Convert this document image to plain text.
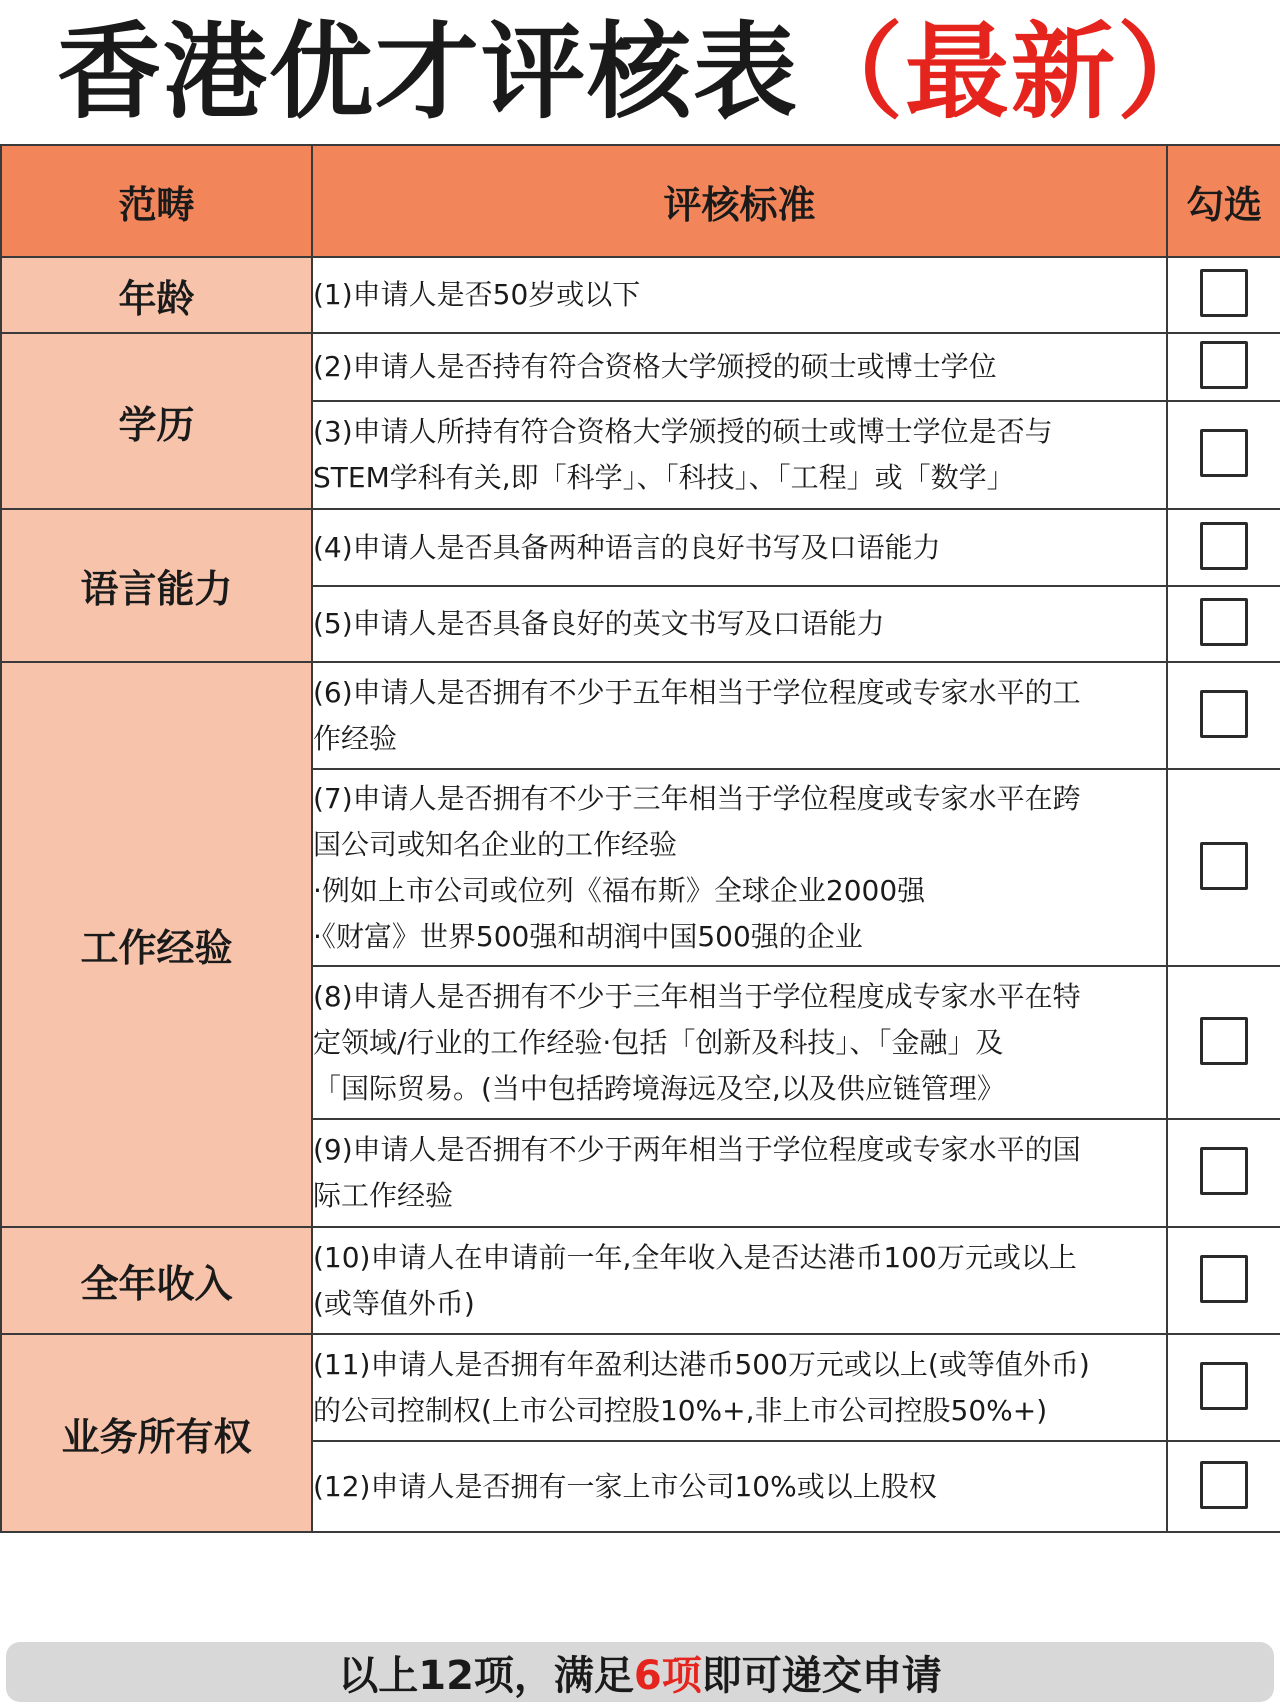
香港优才评核表 （最新）
范畴	评核标准	勾选
年龄	(1)申请人是否50岁或以下	

学历	(2)申请人是否持有符合资格大学颁授的硕士或博士学位	

	(3)申请人所持有符合资格大学颁授的硕士或博士学位是否与
STEM学科有关,即「科学」、「科技」、「工程」或「数学」	

语言能力	(4)申请人是否具备两种语言的良好书写及口语能力	

	(5)申请人是否具备良好的英文书写及口语能力	

工作经验	(6)申请人是否拥有不少于五年相当于学位程度或专家水平的工
作经验	

	(7)申请人是否拥有不少于三年相当于学位程度或专家水平在跨
国公司或知名企业的工作经验
·例如上市公司或位列《福布斯》全球企业2000强
·《财富》世界500强和胡润中国500强的企业	

	(8)申请人是否拥有不少于三年相当于学位程度成专家水平在特
定领域/行业的工作经验·包括「创新及科技」、「金融」及
「国际贸易。(当中包括跨境海远及空,以及供应链管理》	

	(9)申请人是否拥有不少于两年相当于学位程度或专家水平的国
际工作经验	

全年收入	(10)申请人在申请前一年,全年收入是否达港币100万元或以上
(或等值外币)	

业务所有权	(11)申请人是否拥有年盈利达港币500万元或以上(或等值外币)
的公司控制权(上市公司控股10%+,非上市公司控股50%+)	

	(12)申请人是否拥有一家上市公司10%或以上股权	

以上12项，满足 6项 即可递交申请
